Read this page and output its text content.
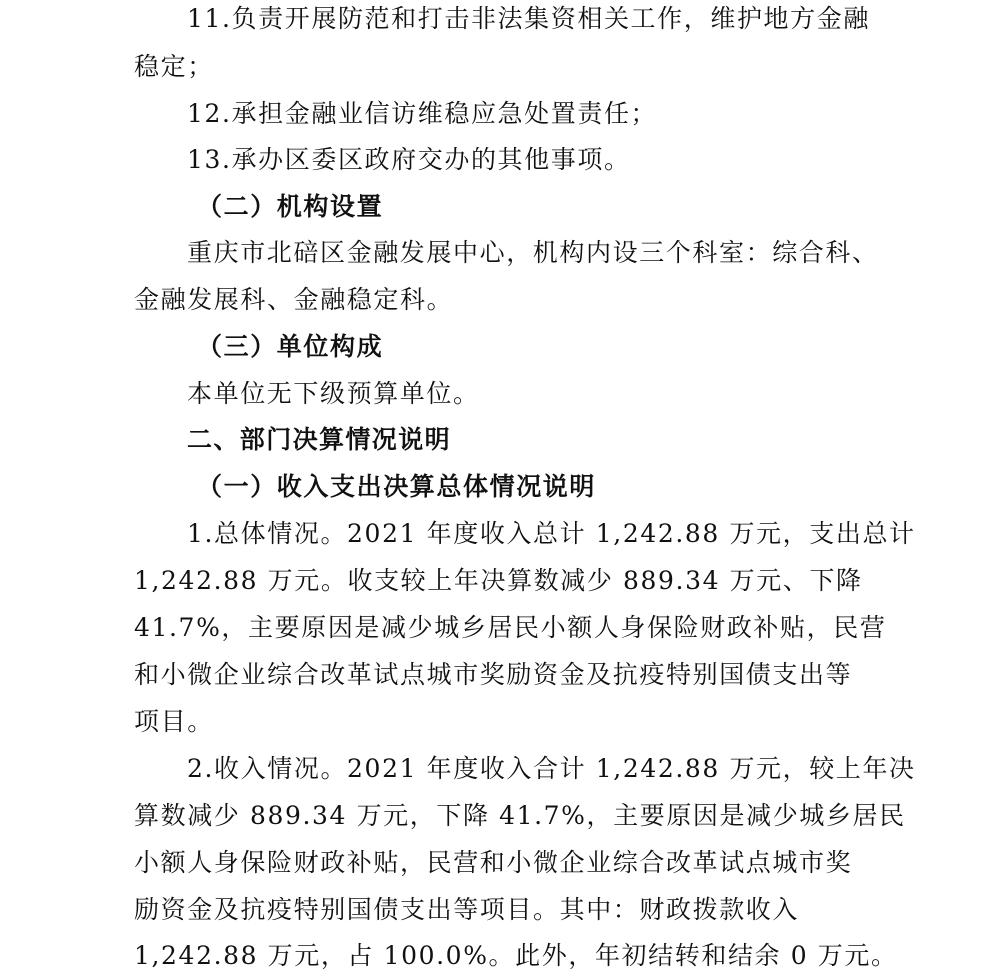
11.负责开展防范和打击非法集资相关工作，维护地方金融
稳定；
12.承担金融业信访维稳应急处置责任；
13.承办区委区政府交办的其他事项。
（二）机构设置
重庆市北碚区金融发展中心，机构内设三个科室：综合科、
金融发展科、金融稳定科。
（三）单位构成
本单位无下级预算单位。
二、部门决算情况说明
（一）收入支出决算总体情况说明
1.总体情况。2021 年度收入总计 1,242.88 万元，支出总计
1,242.88 万元。收支较上年决算数减少 889.34 万元、下降
41.7%，主要原因是减少城乡居民小额人身保险财政补贴，民营
和小微企业综合改革试点城市奖励资金及抗疫特别国债支出等
项目。
2.收入情况。2021 年度收入合计 1,242.88 万元，较上年决
算数减少 889.34 万元，下降 41.7%，主要原因是减少城乡居民
小额人身保险财政补贴，民营和小微企业综合改革试点城市奖
励资金及抗疫特别国债支出等项目。其中：财政拨款收入
1,242.88 万元，占 100.0%。此外，年初结转和结余 0 万元。
